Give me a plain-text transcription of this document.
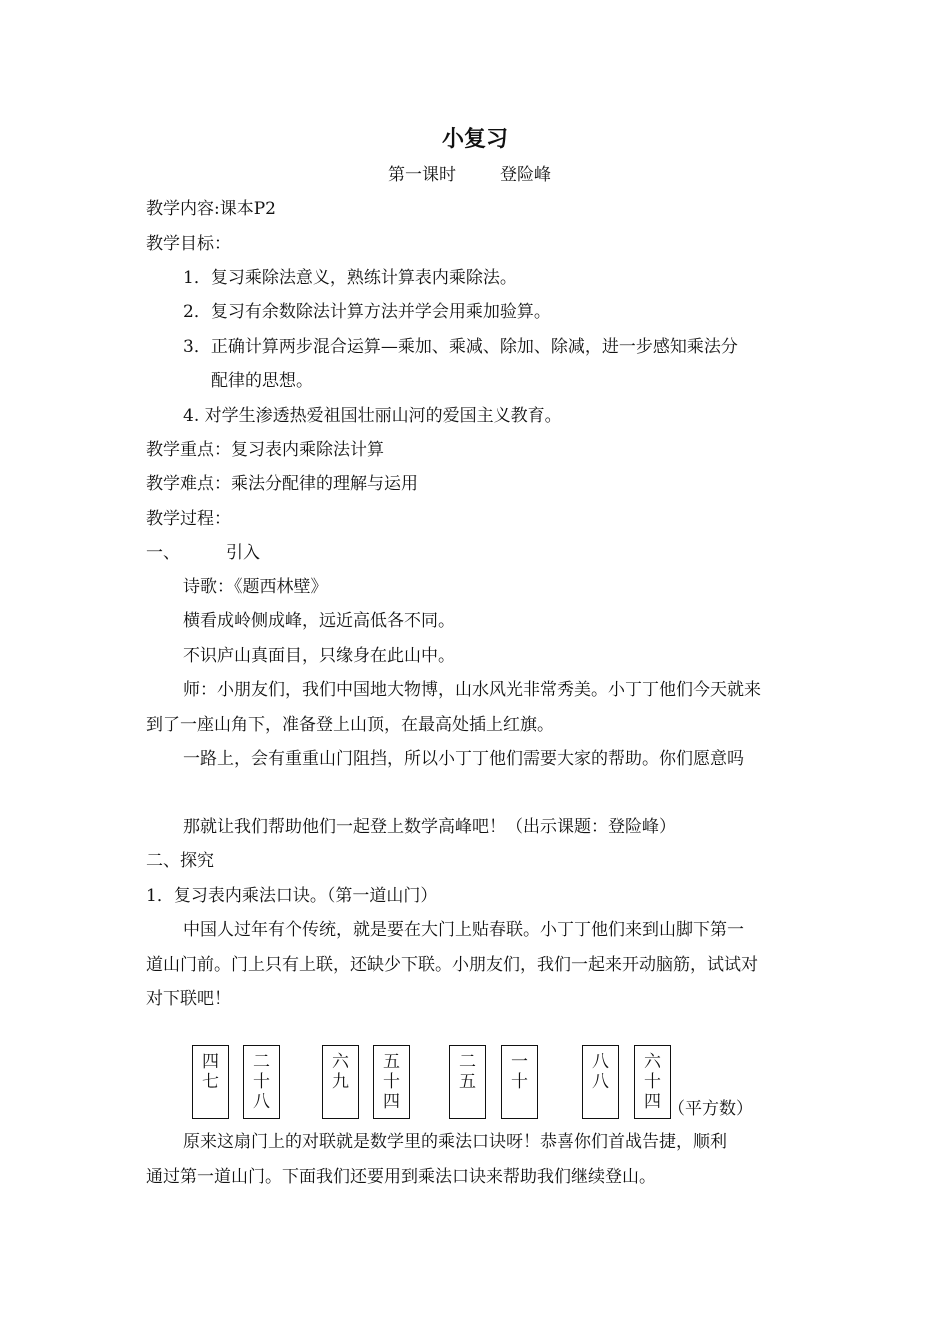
小复习
第一课时	登险峰
教学内容:课本P2
教学目标：
1．复习乘除法意义，熟练计算表内乘除法。
2．复习有余数除法计算方法并学会用乘加验算。
3．正确计算两步混合运算—乘加、乘减、除加、除减，进一步感知乘法分
配律的思想。
4. 对学生渗透热爱祖国壮丽山河的爱国主义教育。
教学重点：复习表内乘除法计算
教学难点：乘法分配律的理解与运用
教学过程：
一、	引入
诗歌：《题西林壁》
横看成岭侧成峰，远近高低各不同。
不识庐山真面目，只缘身在此山中。
师：小朋友们，我们中国地大物博，山水风光非常秀美。小丁丁他们今天就来
到了一座山角下，准备登上山顶，在最高处插上红旗。
一路上，会有重重山门阻挡，所以小丁丁他们需要大家的帮助。你们愿意吗
那就让我们帮助他们一起登上数学高峰吧！（出示课题：登险峰）
二、探究
1．复习表内乘法口诀。（第一道山门）
中国人过年有个传统，就是要在大门上贴春联。小丁丁他们来到山脚下第一
道山门前。门上只有上联，还缺少下联。小朋友们，我们一起来开动脑筋，试试对
对下联吧！
四
七
二
十
八
六
九
五
十
四
二
五
一
十
八
八
六
十
四 （平方数）
原来这扇门上的对联就是数学里的乘法口诀呀！恭喜你们首战告捷，顺利
通过第一道山门。下面我们还要用到乘法口诀来帮助我们继续登山。
